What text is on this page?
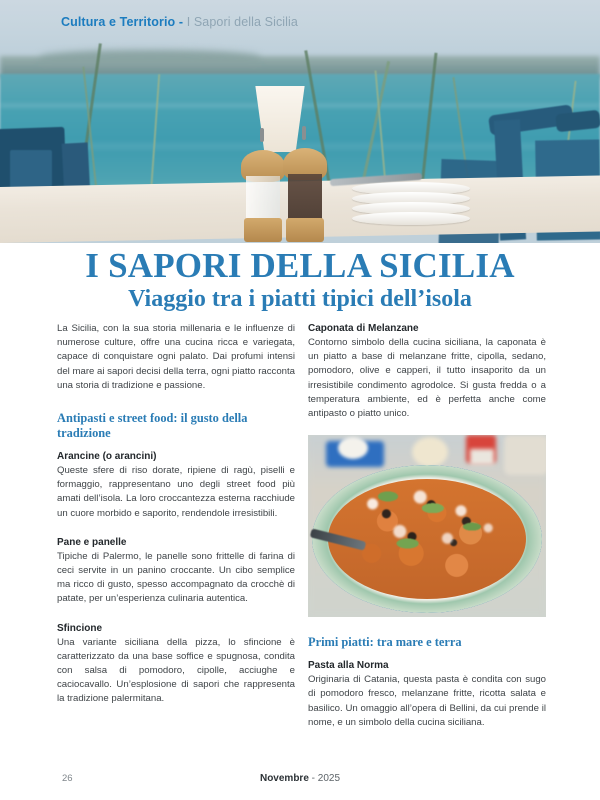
Cultura e Territorio - I Sapori della Sicilia
I SAPORI DELLA SICILIA
Viaggio tra i piatti tipici dell’isola

La Sicilia, con la sua storia millenaria e le influenze di numerose culture, offre una cucina ricca e variegata, capace di conquistare ogni palato. Dai profumi intensi del mare ai sapori decisi della terra, ogni piatto racconta una storia di tradizione e passione.

Antipasti e street food: il gusto della tradizione
Arancine (o arancini)

Queste sfere di riso dorate, ripiene di ragù, piselli e formaggio, rappresentano uno degli street food più amati dell’isola. La loro croccantezza esterna racchiude un cuore morbido e saporito, rendendole irresistibili.

Pane e panelle

Tipiche di Palermo, le panelle sono frittelle di farina di ceci servite in un panino croccante. Un cibo semplice ma ricco di gusto, spesso accompagnato da crocchè di patate, per un’esperienza culinaria autentica.

Sfincione

Una variante siciliana della pizza, lo sfincione è caratterizzato da una base soffice e spugnosa, condita con salsa di pomodoro, cipolle, acciughe e caciocavallo. Un’esplosione di sapori che rappresenta la tradizione palermitana.

Caponata di Melanzane

Contorno simbolo della cucina siciliana, la caponata è un piatto a base di melanzane fritte, cipolla, sedano, pomodoro, olive e capperi, il tutto insaporito da un irresistibile condimento agrodolce. Si gusta fredda o a temperatura ambiente, ed è perfetta anche come antipasto o piatto unico.

Primi piatti: tra mare e terra
Pasta alla Norma

Originaria di Catania, questa pasta è condita con sugo di pomodoro fresco, melanzane fritte, ricotta salata e basilico. Un omaggio all’opera di Bellini, da cui prende il nome, e un simbolo della cucina siciliana.

26	Novembre - 2025
